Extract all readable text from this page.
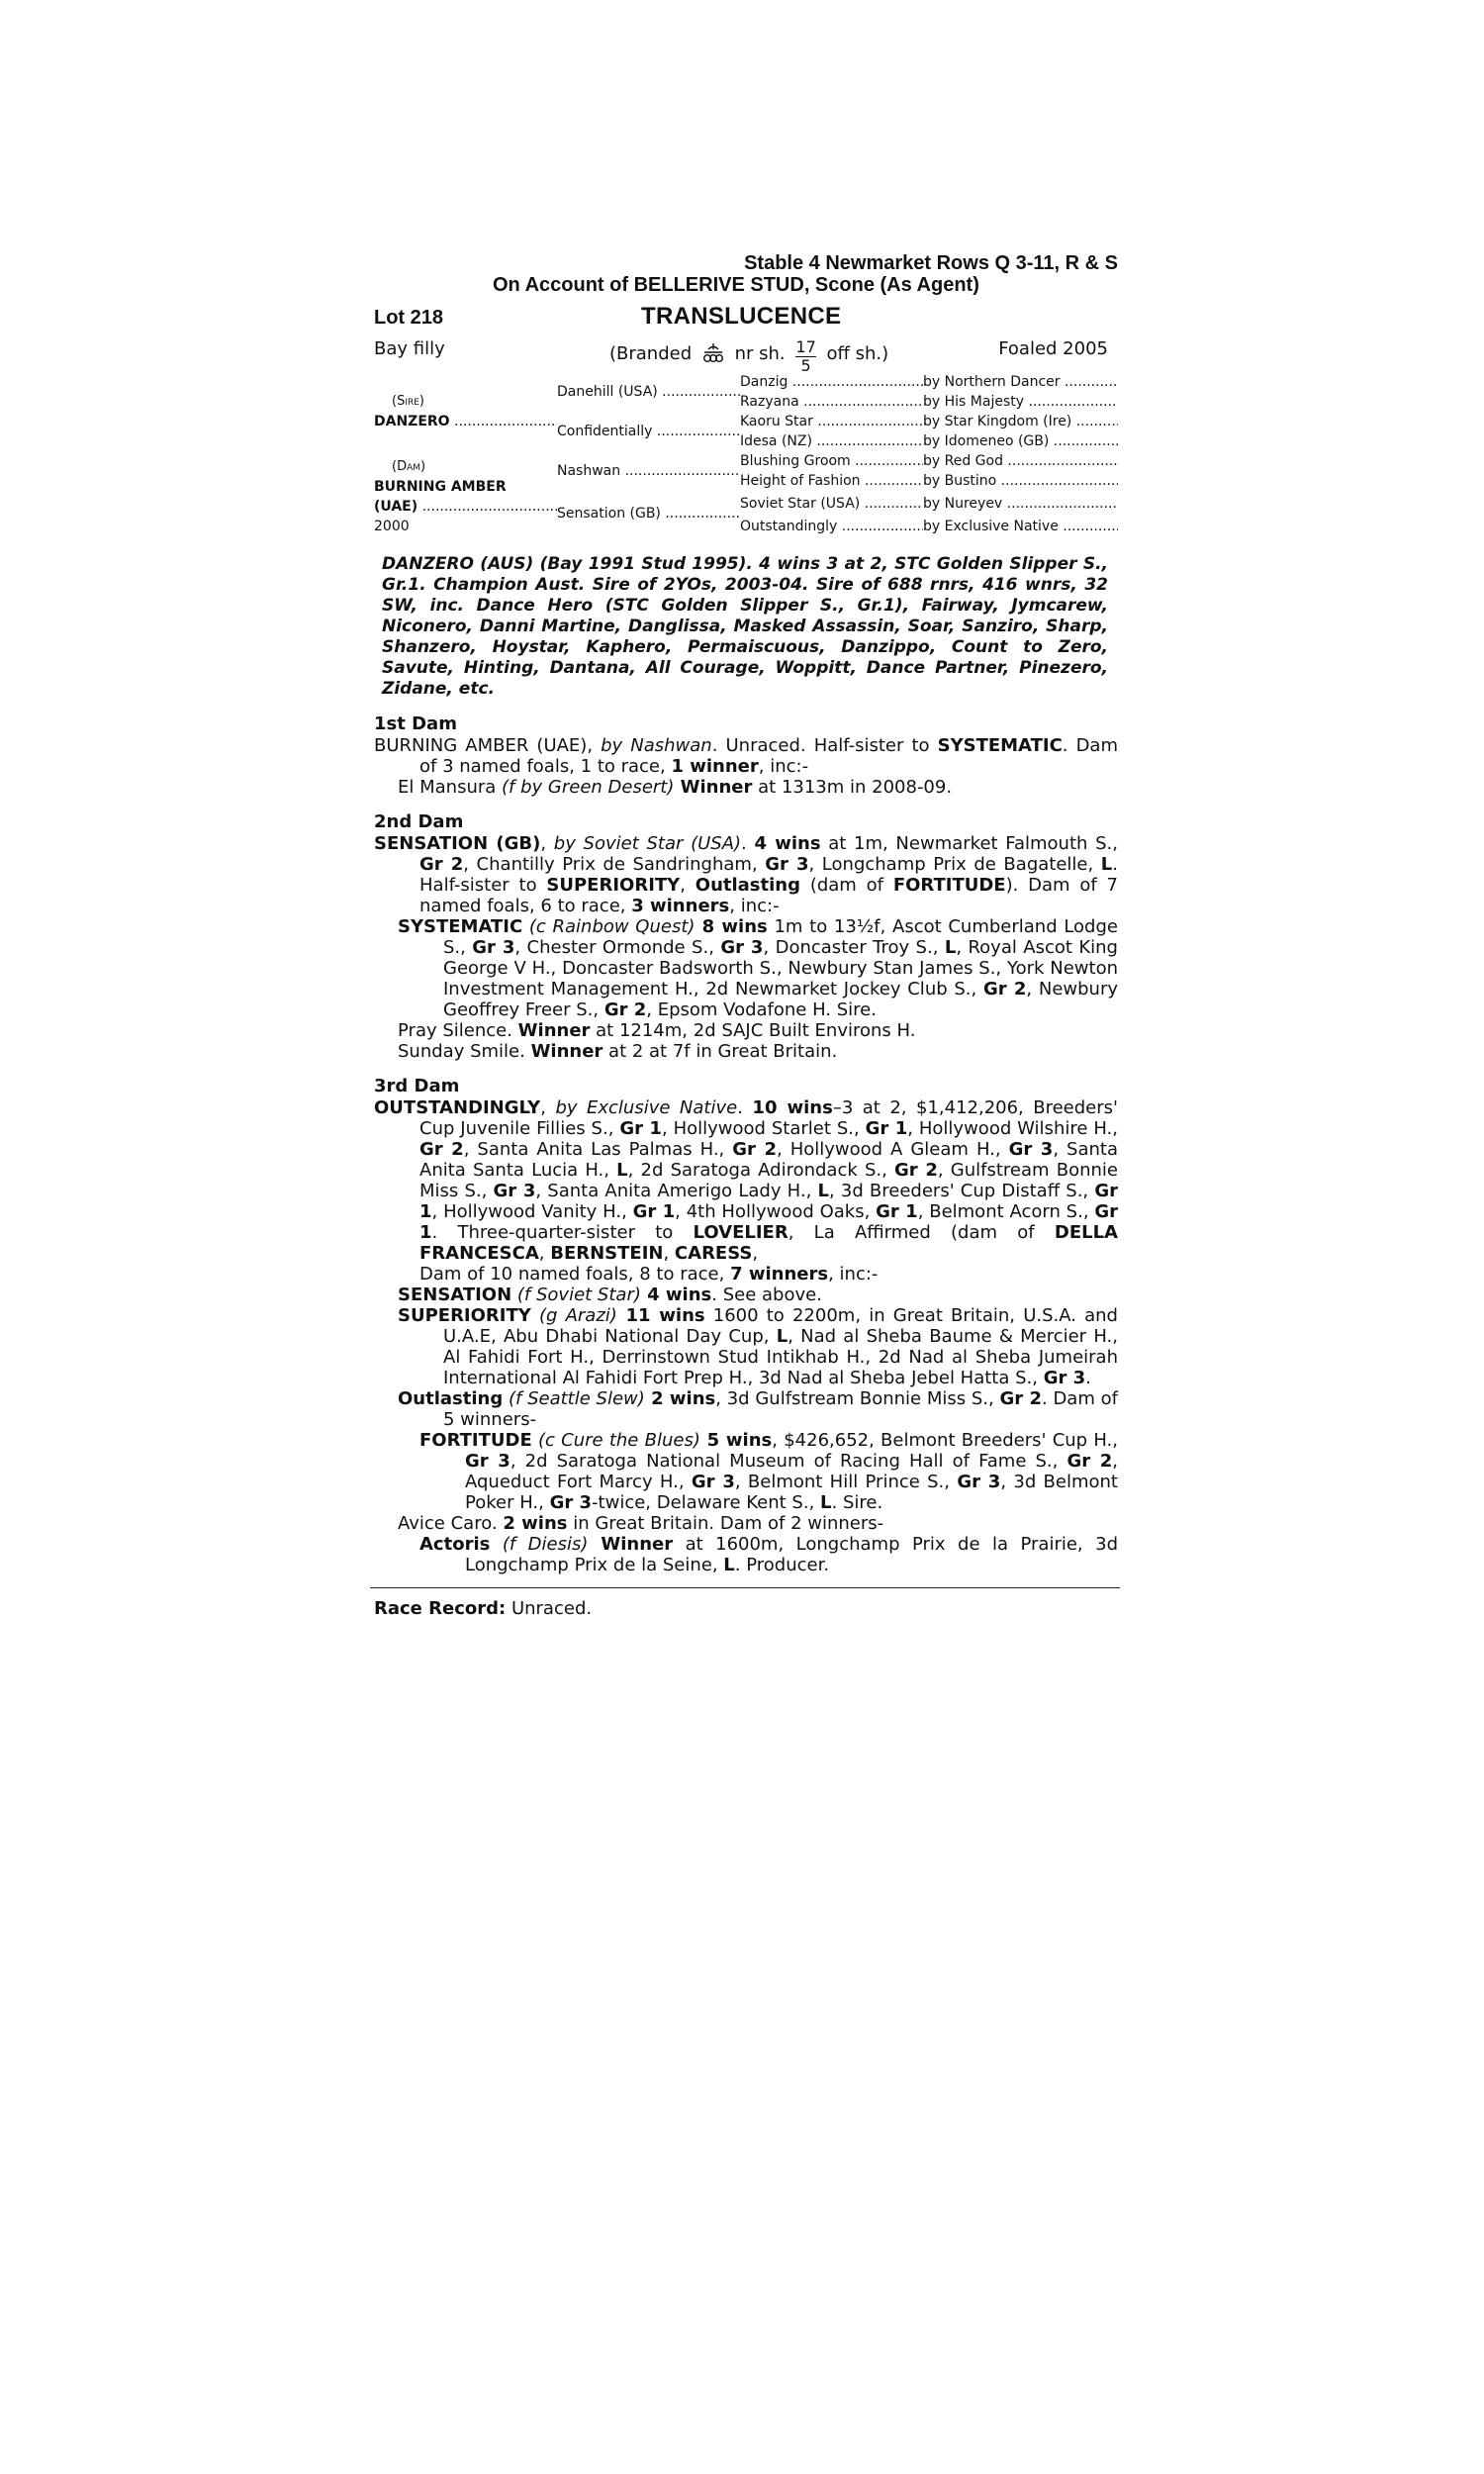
Stable 4 Newmarket Rows Q 3-11, R & S
On Account of BELLERIVE STUD, Scone (As Agent)
Lot 218	TRANSLUCENCE
Bay filly	(Branded nr sh. $\frac{17}{5}$ off sh.)	Foaled 2005
(Sire)
DANZERO .....	Danehill (USA) .....	Danzig .....	by Northern Dancer .....
		Razyana .....	by His Majesty .....
	Confidentially .....	Kaoru Star .....	by Star Kingdom (Ire) .....
		Idesa (NZ) .....	by Idomeneo (GB) .....

(Dam)
BURNING AMBER
(UAE) .....
2000	Nashwan .....	Blushing Groom .....	by Red God .....
		Height of Fashion .....	by Bustino .....
	Sensation (GB) .....	Soviet Star (USA) .....	by Nureyev .....
		Outstandingly .....	by Exclusive Native .....
DANZERO (AUS) (Bay 1991 Stud 1995). 4 wins 3 at 2, STC Golden Slipper S., Gr.1. Champion Aust. Sire of 2YOs, 2003-04. Sire of 688 rnrs, 416 wnrs, 32 SW, inc. Dance Hero (STC Golden Slipper S., Gr.1), Fairway, Jymcarew, Niconero, Danni Martine, Danglissa, Masked Assassin, Soar, Sanziro, Sharp, Shanzero, Hoystar, Kaphero, Permaiscuous, Danzippo, Count to Zero, Savute, Hinting, Dantana, All Courage, Woppitt, Dance Partner, Pinezero, Zidane, etc.
1st Dam
BURNING AMBER (UAE), by Nashwan. Unraced. Half-sister to SYSTEMATIC. Dam of 3 named foals, 1 to race, 1 winner, inc:-
El Mansura (f by Green Desert) Winner at 1313m in 2008-09.
2nd Dam
SENSATION (GB), by Soviet Star (USA). 4 wins at 1m, Newmarket Falmouth S., Gr 2, Chantilly Prix de Sandringham, Gr 3, Longchamp Prix de Bagatelle, L. Half-sister to SUPERIORITY, Outlasting (dam of FORTITUDE). Dam of 7 named foals, 6 to race, 3 winners, inc:-
SYSTEMATIC (c Rainbow Quest) 8 wins 1m to 13½f, Ascot Cumberland Lodge S., Gr 3, Chester Ormonde S., Gr 3, Doncaster Troy S., L, Royal Ascot King George V H., Doncaster Badsworth S., Newbury Stan James S., York Newton Investment Management H., 2d Newmarket Jockey Club S., Gr 2, Newbury Geoffrey Freer S., Gr 2, Epsom Vodafone H. Sire.
Pray Silence. Winner at 1214m, 2d SAJC Built Environs H.
Sunday Smile. Winner at 2 at 7f in Great Britain.
3rd Dam
OUTSTANDINGLY, by Exclusive Native. 10 wins–3 at 2, $1,412,206, Breeders' Cup Juvenile Fillies S., Gr 1, Hollywood Starlet S., Gr 1, Hollywood Wilshire H., Gr 2, Santa Anita Las Palmas H., Gr 2, Hollywood A Gleam H., Gr 3, Santa Anita Santa Lucia H., L, 2d Saratoga Adirondack S., Gr 2, Gulfstream Bonnie Miss S., Gr 3, Santa Anita Amerigo Lady H., L, 3d Breeders' Cup Distaff S., Gr 1, Hollywood Vanity H., Gr 1, 4th Hollywood Oaks, Gr 1, Belmont Acorn S., Gr 1. Three-quarter-sister to LOVELIER, La Affirmed (dam of DELLA FRANCESCA, BERNSTEIN, CARESS,
Dam of 10 named foals, 8 to race, 7 winners, inc:-
SENSATION (f Soviet Star) 4 wins. See above.
SUPERIORITY (g Arazi) 11 wins 1600 to 2200m, in Great Britain, U.S.A. and U.A.E, Abu Dhabi National Day Cup, L, Nad al Sheba Baume & Mercier H., Al Fahidi Fort H., Derrinstown Stud Intikhab H., 2d Nad al Sheba Jumeirah International Al Fahidi Fort Prep H., 3d Nad al Sheba Jebel Hatta S., Gr 3.
Outlasting (f Seattle Slew) 2 wins, 3d Gulfstream Bonnie Miss S., Gr 2. Dam of 5 winners-
FORTITUDE (c Cure the Blues) 5 wins, $426,652, Belmont Breeders' Cup H., Gr 3, 2d Saratoga National Museum of Racing Hall of Fame S., Gr 2, Aqueduct Fort Marcy H., Gr 3, Belmont Hill Prince S., Gr 3, 3d Belmont Poker H., Gr 3-twice, Delaware Kent S., L. Sire.
Avice Caro. 2 wins in Great Britain. Dam of 2 winners-
Actoris (f Diesis) Winner at 1600m, Longchamp Prix de la Prairie, 3d Longchamp Prix de la Seine, L. Producer.
Race Record: Unraced.
